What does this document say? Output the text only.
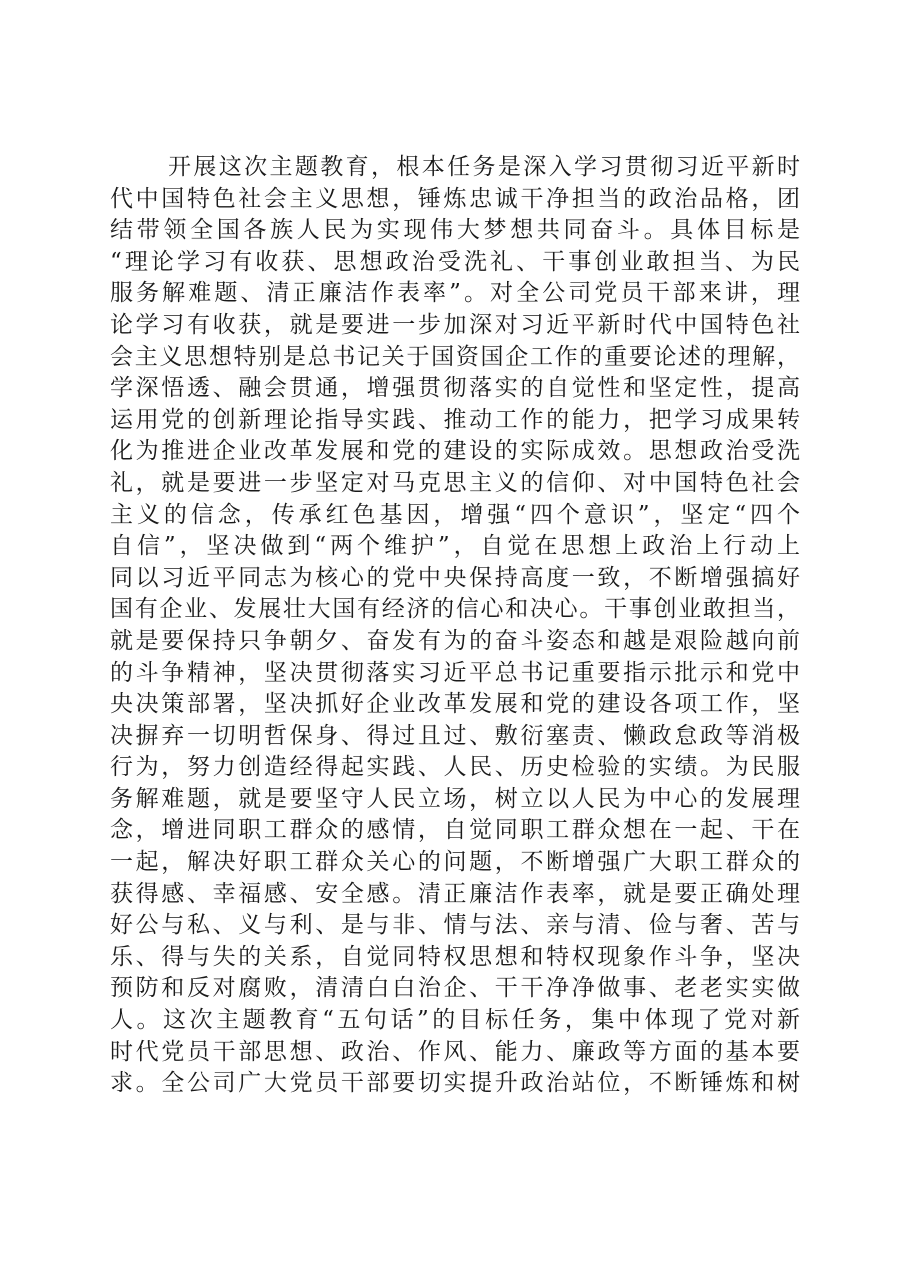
开展这次主题教育，根本任务是深入学习贯彻习近平新时
代中国特色社会主义思想，锤炼忠诚干净担当的政治品格，团
结带领全国各族人民为实现伟大梦想共同奋斗。具体目标是
“理论学习有收获、思想政治受洗礼、干事创业敢担当、为民
服务解难题、清正廉洁作表率”。对全公司党员干部来讲，理
论学习有收获，就是要进一步加深对习近平新时代中国特色社
会主义思想特别是总书记关于国资国企工作的重要论述的理解，
学深悟透、融会贯通，增强贯彻落实的自觉性和坚定性，提高
运用党的创新理论指导实践、推动工作的能力，把学习成果转
化为推进企业改革发展和党的建设的实际成效。思想政治受洗
礼，就是要进一步坚定对马克思主义的信仰、对中国特色社会
主义的信念，传承红色基因，增强“四个意识”，坚定“四个
自信”，坚决做到“两个维护”，自觉在思想上政治上行动上
同以习近平同志为核心的党中央保持高度一致，不断增强搞好
国有企业、发展壮大国有经济的信心和决心。干事创业敢担当，
就是要保持只争朝夕、奋发有为的奋斗姿态和越是艰险越向前
的斗争精神，坚决贯彻落实习近平总书记重要指示批示和党中
央决策部署，坚决抓好企业改革发展和党的建设各项工作，坚
决摒弃一切明哲保身、得过且过、敷衍塞责、懒政怠政等消极
行为，努力创造经得起实践、人民、历史检验的实绩。为民服
务解难题，就是要坚守人民立场，树立以人民为中心的发展理
念，增进同职工群众的感情，自觉同职工群众想在一起、干在
一起，解决好职工群众关心的问题，不断增强广大职工群众的
获得感、幸福感、安全感。清正廉洁作表率，就是要正确处理
好公与私、义与利、是与非、情与法、亲与清、俭与奢、苦与
乐、得与失的关系，自觉同特权思想和特权现象作斗争，坚决
预防和反对腐败，清清白白治企、干干净净做事、老老实实做
人。这次主题教育“五句话”的目标任务，集中体现了党对新
时代党员干部思想、政治、作风、能力、廉政等方面的基本要
求。全公司广大党员干部要切实提升政治站位，不断锤炼和树
